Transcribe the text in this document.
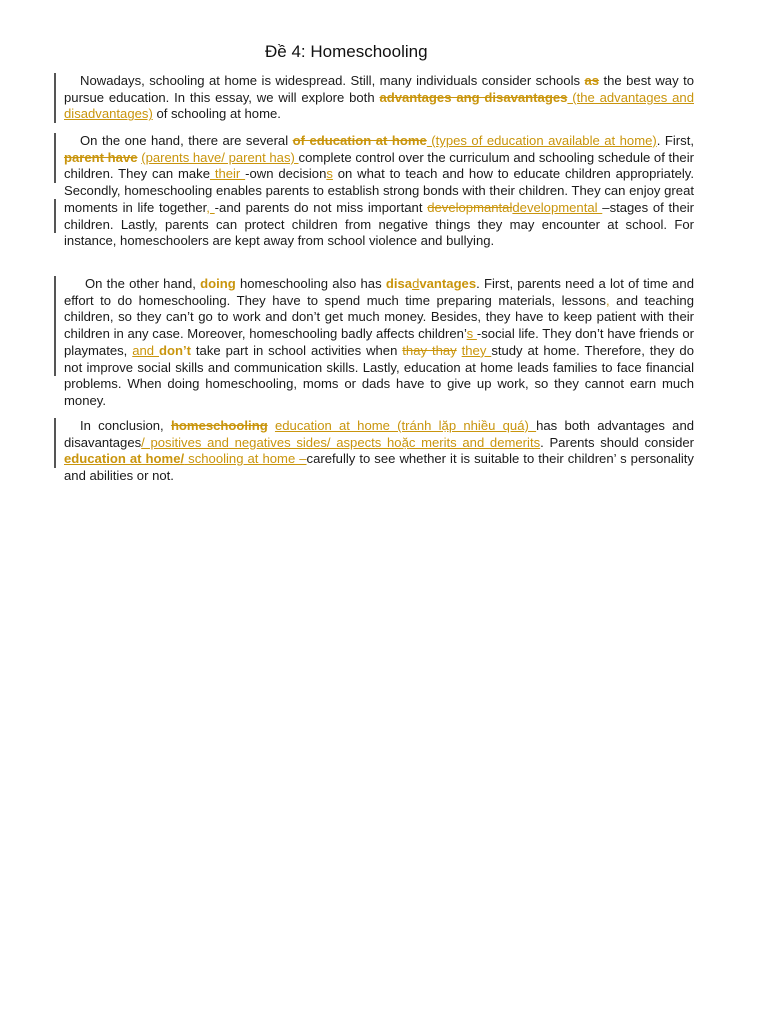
Đề 4: Homeschooling
Nowadays, schooling at home is widespread. Still, many individuals consider schools as the best way to pursue education. In this essay, we will explore both advantages ang disavantages (the advantages and disadvantages) of schooling at home.
On the one hand, there are several of education at home (types of education available at home). First, parent have (parents have/ parent has) complete control over the curriculum and schooling schedule of their children. They can make their -own decisions on what to teach and how to educate children appropriately. Secondly, homeschooling enables parents to establish strong bonds with their children. They can enjoy great moments in life together, -and parents do not miss important developmantaldevelopmental –stages of their children. Lastly, parents can protect children from negative things they may encounter at school. For instance, homeschoolers are kept away from school violence and bullying.
On the other hand, doing homeschooling also has disadvantages. First, parents need a lot of time and effort to do homeschooling. They have to spend much time preparing materials, lessons, and teaching children, so they can’t go to work and don’t get much money. Besides, they have to keep patient with their children in any case. Moreover, homeschooling badly affects children’s -social life. They don’t have friends or playmates, and don’t take part in school activities when thay thay they study at home. Therefore, they do not improve social skills and communication skills. Lastly, education at home leads families to face financial problems. When doing homeschooling, moms or dads have to give up work, so they cannot earn much money.
In conclusion, homeschooling education at home (tránh lặp nhiều quá) has both advantages and disavantages/ positives and negatives sides/ aspects hoặc merits and demerits. Parents should consider education at home/ schooling at home –carefully to see whether it is suitable to their children’ s personality and abilities or not.
